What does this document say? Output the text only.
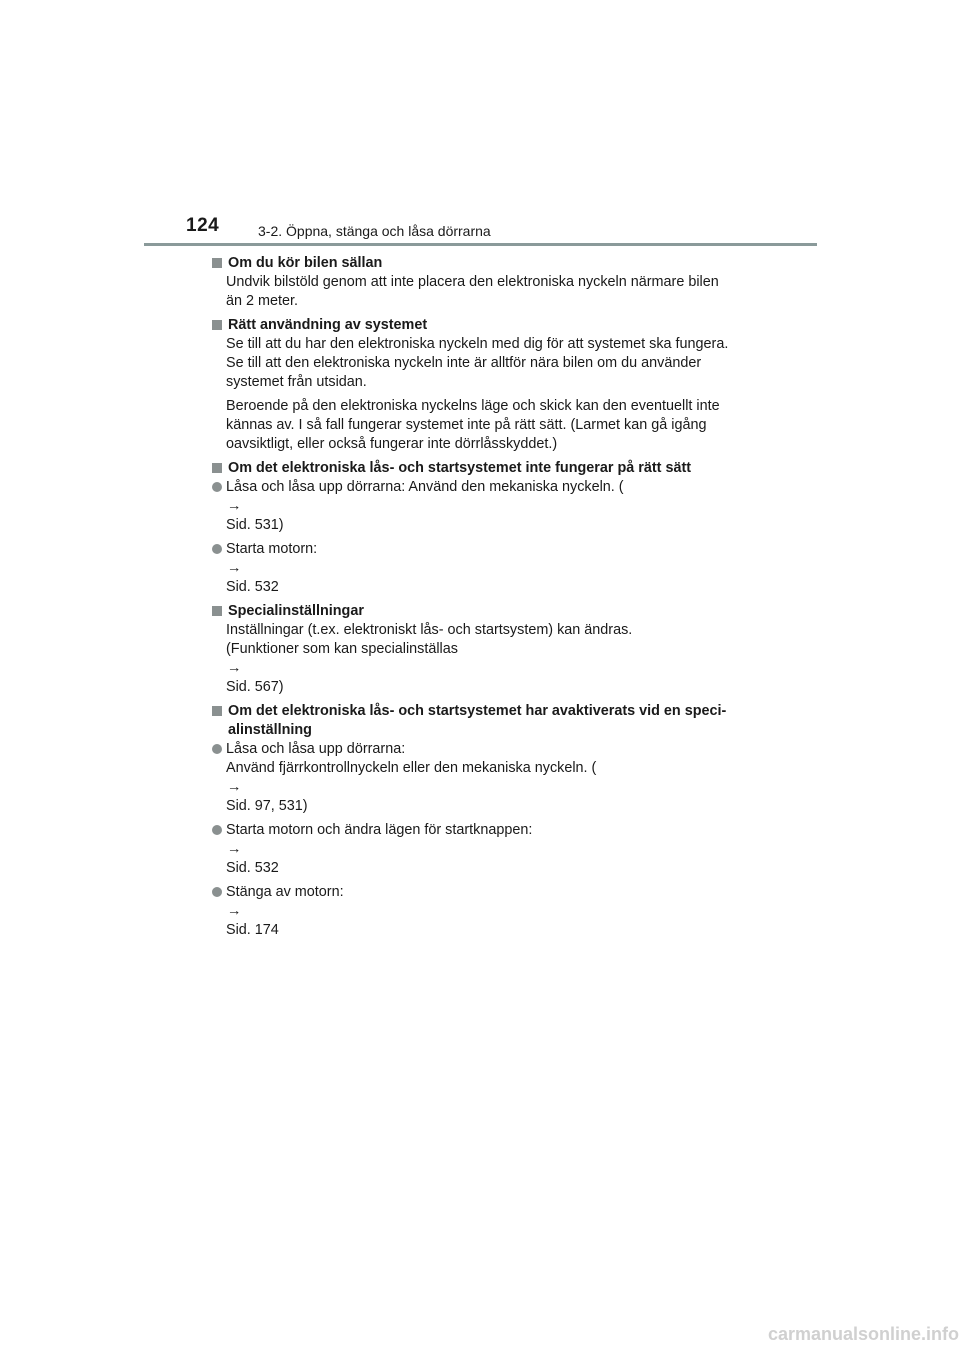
124	3-2. Öppna, stänga och låsa dörrarna
Om du kör bilen sällan
Undvik bilstöld genom att inte placera den elektroniska nyckeln närmare bilen
än 2 meter.
Rätt användning av systemet
Se till att du har den elektroniska nyckeln med dig för att systemet ska fungera.
Se till att den elektroniska nyckeln inte är alltför nära bilen om du använder
systemet från utsidan.
Beroende på den elektroniska nyckelns läge och skick kan den eventuellt inte
kännas av. I så fall fungerar systemet inte på rätt sätt. (Larmet kan gå igång
oavsiktligt, eller också fungerar inte dörrlåsskyddet.)
Om det elektroniska lås- och startsystemet inte fungerar på rätt sätt
Låsa och låsa upp dörrarna: Använd den mekaniska nyckeln. (
→
Sid. 531)
Starta motorn:
→
Sid. 532
Specialinställningar
Inställningar (t.ex. elektroniskt lås- och startsystem) kan ändras.
(Funktioner som kan specialinställas
→
Sid. 567)
Om det elektroniska lås- och startsystemet har avaktiverats vid en speci-
alinställning
Låsa och låsa upp dörrarna:
Använd fjärrkontrollnyckeln eller den mekaniska nyckeln. (
→
Sid. 97, 531)
Starta motorn och ändra lägen för startknappen:
→
Sid. 532
Stänga av motorn:
→
Sid. 174
carmanualsonline.info
